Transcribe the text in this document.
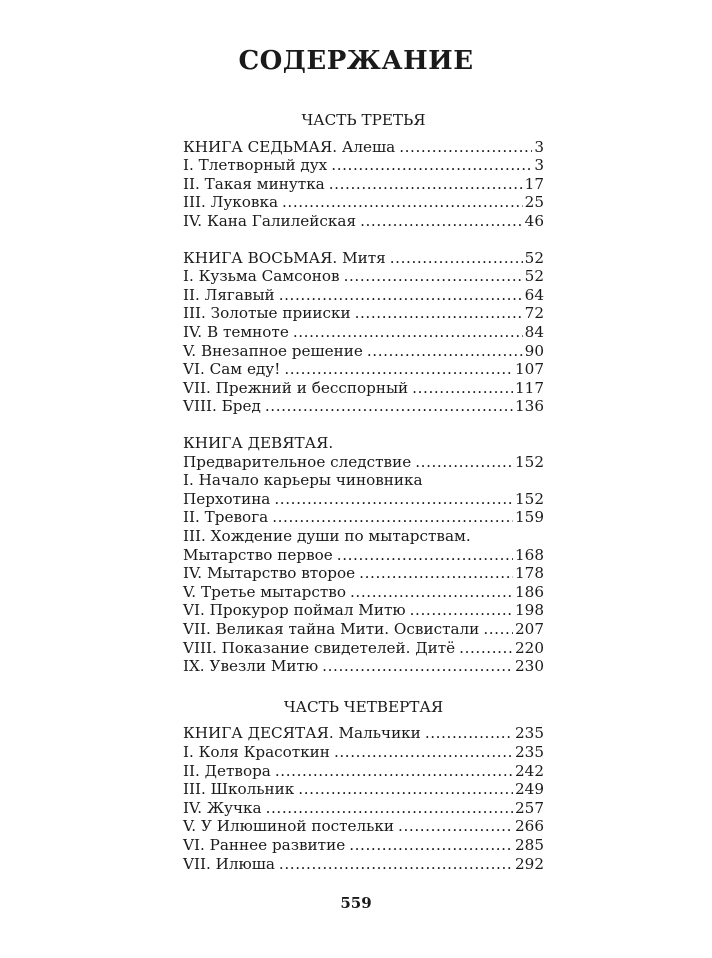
СОДЕРЖАНИЕ
ЧАСТЬ ТРЕТЬЯ
КНИГА СЕДЬМАЯ. Алеша .....	3
I. Тлетворный дух .....	3
II. Такая минутка .....	17
III. Луковка .....	25
IV. Кана Галилейская .....	46
КНИГА ВОСЬМАЯ. Митя .....	52
I. Кузьма Самсонов .....	52
II. Лягавый .....	64
III. Золотые прииски .....	72
IV. В темноте .....	84
V. Внезапное решение .....	90
VI. Сам еду! .....	107
VII. Прежний и бесспорный .....	117
VIII. Бред .....	136
КНИГА ДЕВЯТАЯ.
Предварительное следствие .....	152
I. Начало карьеры чиновника
Перхотина .....	152
II. Тревога .....	159
III. Хождение души по мытарствам.
Мытарство первое .....	168
IV. Мытарство второе .....	178
V. Третье мытарство .....	186
VI. Прокурор поймал Митю .....	198
VII. Великая тайна Мити. Освистали ..... 207
VIII. Показание свидетелей. Дитё .....	220
IX. Увезли Митю .....	230
ЧАСТЬ ЧЕТВЕРТАЯ
КНИГА ДЕСЯТАЯ. Мальчики .....	235
I. Коля Красоткин .....	235
II. Детвора .....	242
III. Школьник .....	249
IV. Жучка .....	257
V. У Илюшиной постельки .....	266
VI. Раннее развитие .....	285
VII. Илюша .....	292
559
